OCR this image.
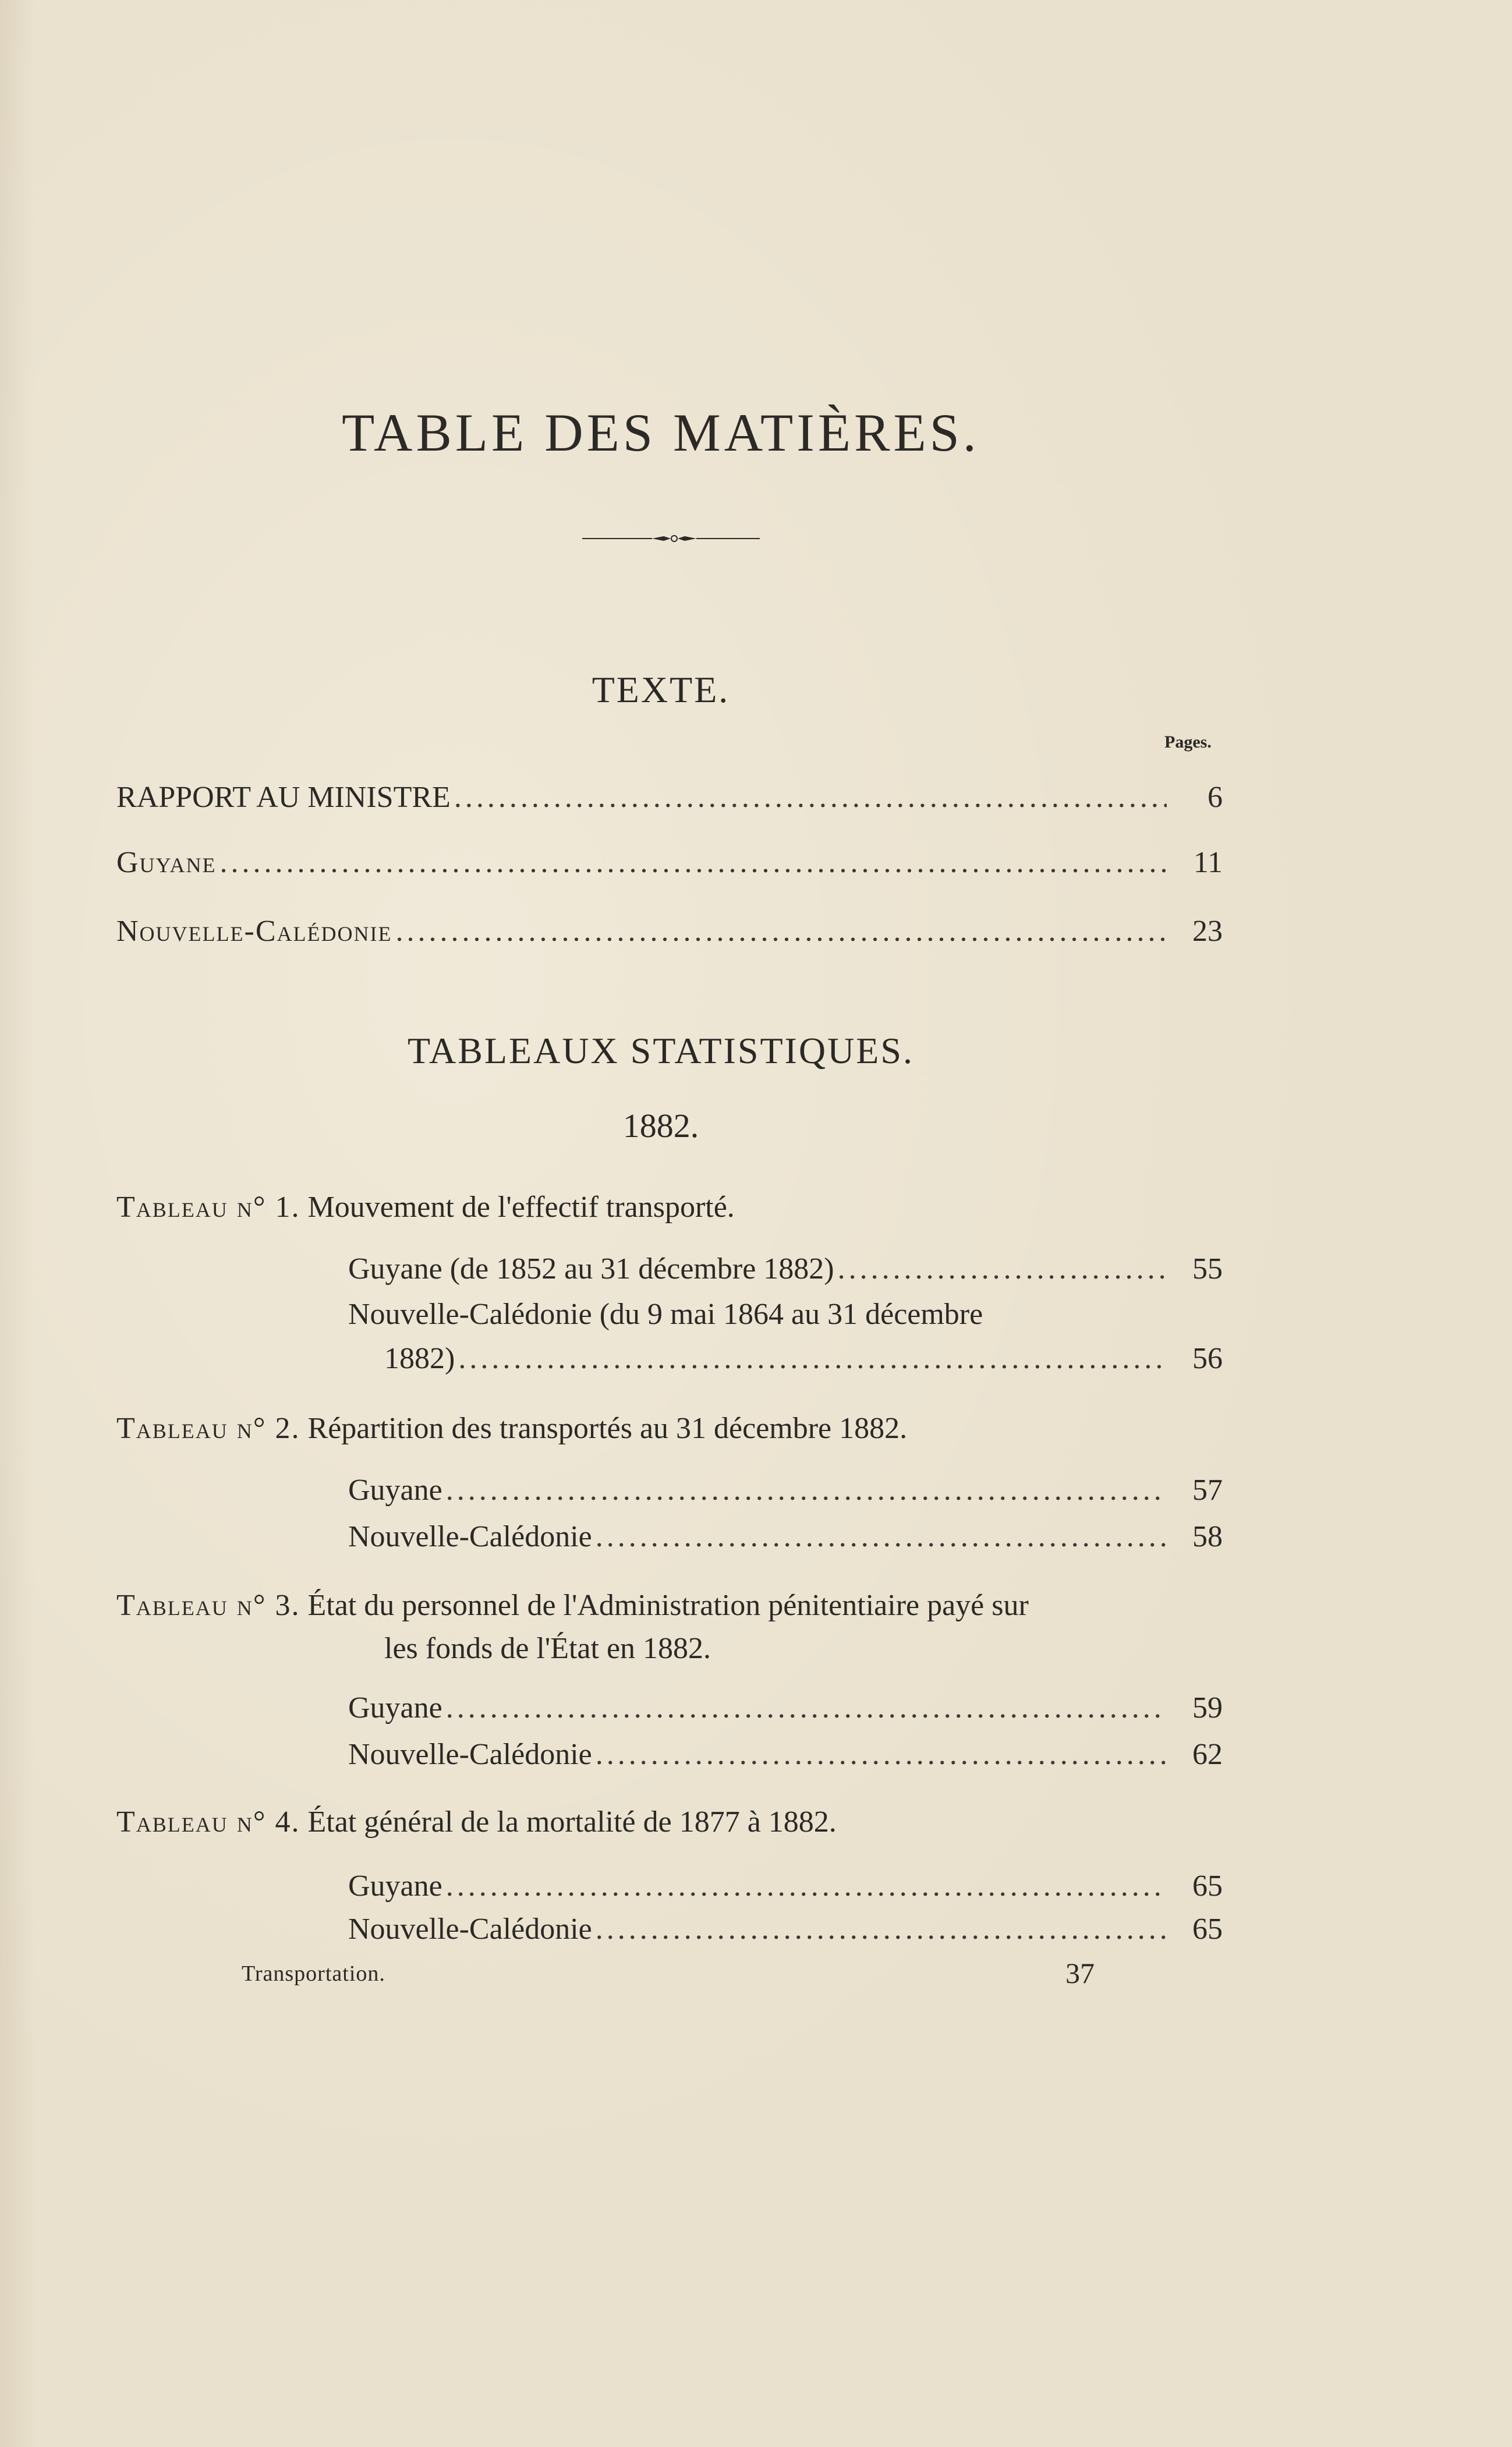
TABLE DES MATIÈRES.
TEXTE.
Pages.
RAPPORT AU MINISTRE .....	6
Guyane .....	11
Nouvelle-Calédonie .....	23
TABLEAUX STATISTIQUES.
1882.
Tableau n° 1. Mouvement de l'effectif transporté.
Guyane (de 1852 au 31 décembre 1882) .....	55
Nouvelle-Calédonie (du 9 mai 1864 au 31 décembre
1882) .....	56
Tableau n° 2. Répartition des transportés au 31 décembre 1882.
Guyane .....	57
Nouvelle-Calédonie .....	58
Tableau n° 3. État du personnel de l'Administration pénitentiaire payé sur
les fonds de l'État en 1882.
Guyane .....	59
Nouvelle-Calédonie .....	62
Tableau n° 4. État général de la mortalité de 1877 à 1882.
Guyane .....	65
Nouvelle-Calédonie .....	65
Transportation.	37
